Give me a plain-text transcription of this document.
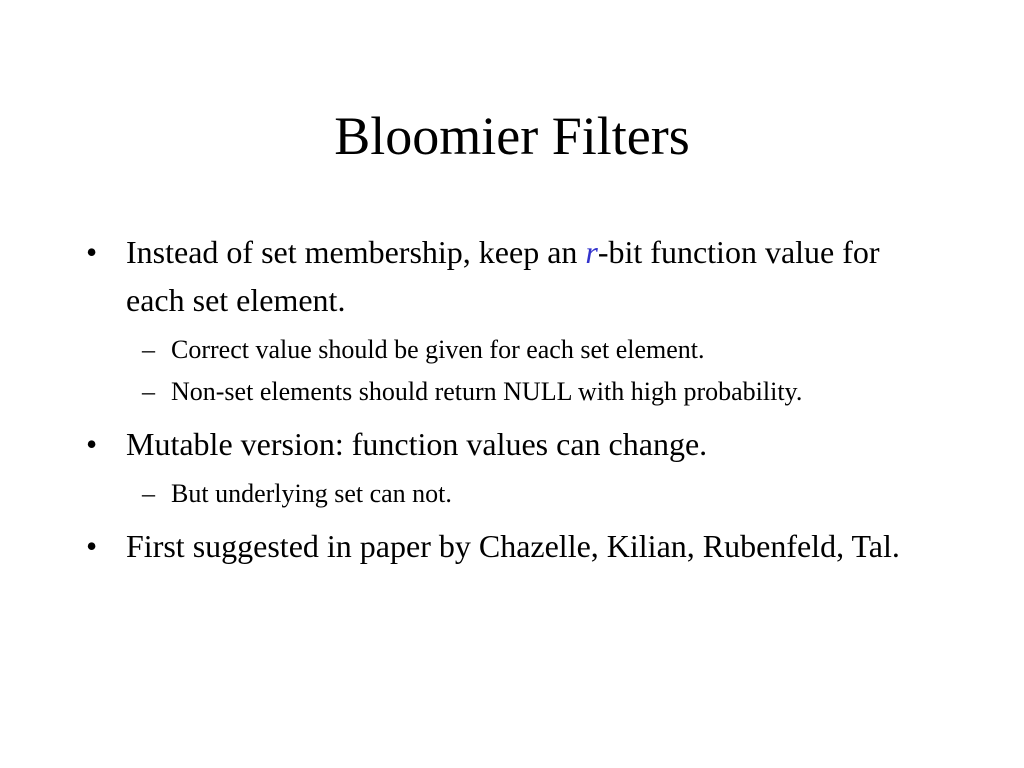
Bloomier Filters
• Instead of set membership, keep an r-bit function value for each set element.
– Correct value should be given for each set element.
– Non-set elements should return NULL with high probability.
• Mutable version: function values can change.
– But underlying set can not.
• First suggested in paper by Chazelle, Kilian, Rubenfeld, Tal.
